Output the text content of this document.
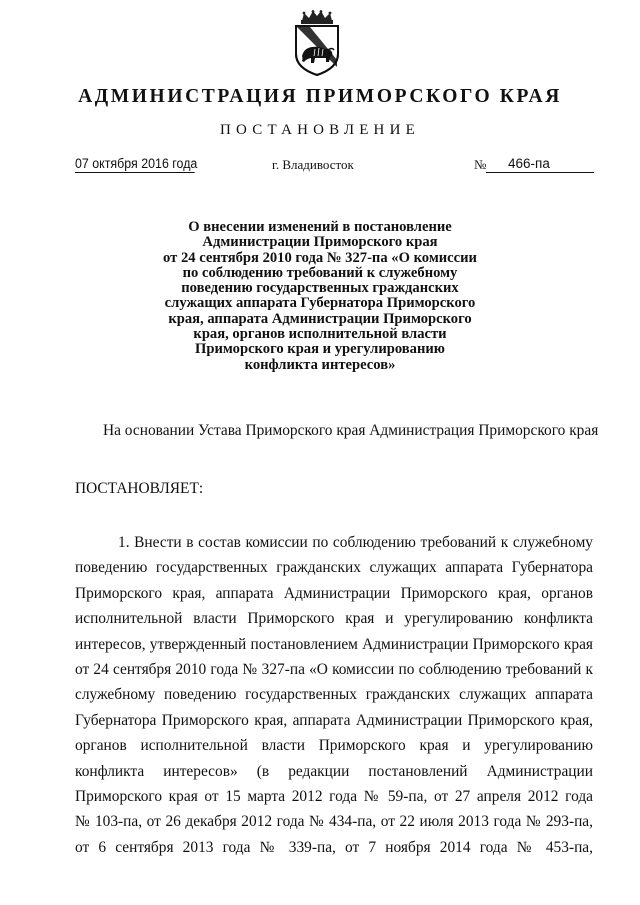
АДМИНИСТРАЦИЯ ПРИМОРСКОГО КРАЯ
ПОСТАНОВЛЕНИЕ
07 октября 2016 года	г. Владивосток	№	466-па
О внесении изменений в постановление
Администрации Приморского края
от 24 сентября 2010 года № 327-па «О комиссии
по соблюдению требований к служебному
поведению государственных гражданских
служащих аппарата Губернатора Приморского
края, аппарата Администрации Приморского
края, органов исполнительной власти
Приморского края и урегулированию
конфликта интересов»
На основании Устава Приморского края Администрация Приморского края
ПОСТАНОВЛЯЕТ:
1. Внести в состав комиссии по соблюдению требований к служебному
поведению государственных гражданских служащих аппарата Губернатора
Приморского края, аппарата Администрации Приморского края, органов
исполнительной власти Приморского края и урегулированию конфликта
интересов, утвержденный постановлением Администрации Приморского края
от 24 сентября 2010 года № 327-па «О комиссии по соблюдению требований к
служебному поведению государственных гражданских служащих аппарата
Губернатора Приморского края, аппарата Администрации Приморского края,
органов исполнительной власти Приморского края и урегулированию
конфликта интересов» (в редакции постановлений Администрации
Приморского края от 15 марта 2012 года № 59-па, от 27 апреля 2012 года
№ 103-па, от 26 декабря 2012 года № 434-па, от 22 июля 2013 года № 293-па,
от 6 сентября 2013 года № 339-па, от 7 ноября 2014 года № 453-па,
